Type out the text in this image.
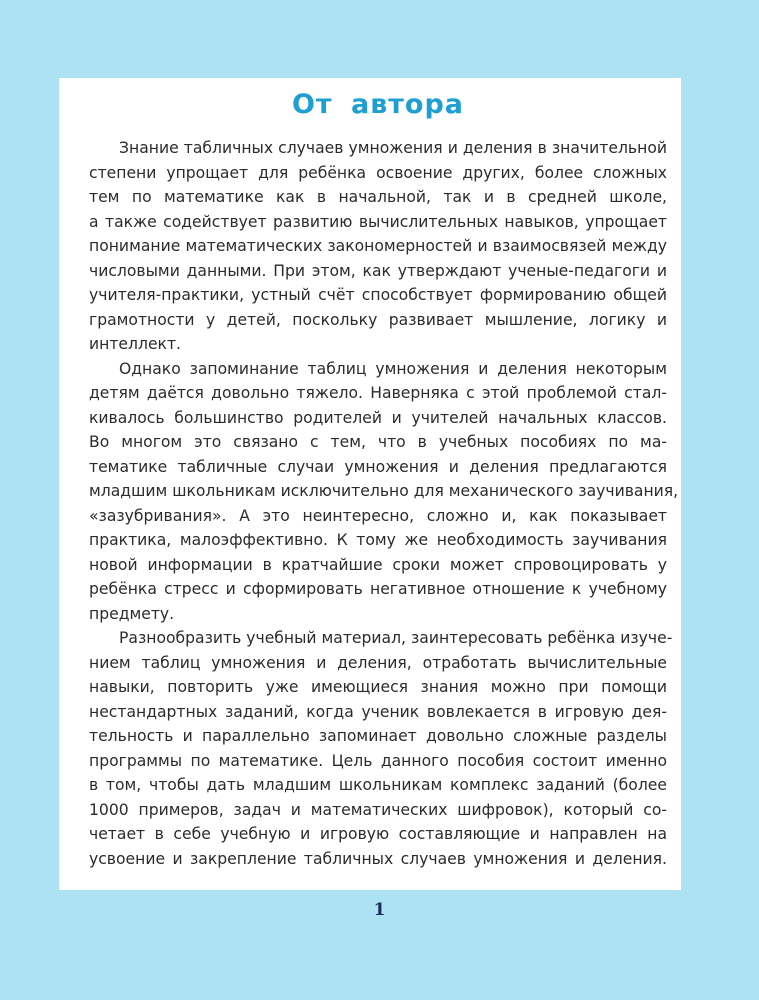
От автора

Знание табличных случаев умножения и деления в значительной
степени упрощает для ребёнка освоение других, более сложных
тем по математике как в начальной, так и в средней школе,
а также содействует развитию вычислительных навыков, упрощает
понимание математических закономерностей и взаимосвязей между
числовыми данными. При этом, как утверждают ученые-педагоги и
учителя-практики, устный счёт способствует формированию общей
грамотности у детей, поскольку развивает мышление, логику и
интеллект.

Однако запоминание таблиц умножения и деления некоторым
детям даётся довольно тяжело. Наверняка с этой проблемой стал-
кивалось большинство родителей и учителей начальных классов.
Во многом это связано с тем, что в учебных пособиях по ма-
тематике табличные случаи умножения и деления предлагаются
младшим школьникам исключительно для механического заучивания,
«зазубривания». А это неинтересно, сложно и, как показывает
практика, малоэффективно. К тому же необходимость заучивания
новой информации в кратчайшие сроки может спровоцировать у
ребёнка стресс и сформировать негативное отношение к учебному
предмету.

Разнообразить учебный материал, заинтересовать ребёнка изуче-
нием таблиц умножения и деления, отработать вычислительные
навыки, повторить уже имеющиеся знания можно при помощи
нестандартных заданий, когда ученик вовлекается в игровую дея-
тельность и параллельно запоминает довольно сложные разделы
программы по математике. Цель данного пособия состоит именно
в том, чтобы дать младшим школьникам комплекс заданий (более
1000 примеров, задач и математических шифровок), который со-
четает в себе учебную и игровую составляющие и направлен на
усвоение и закрепление табличных случаев умножения и деления.

1
